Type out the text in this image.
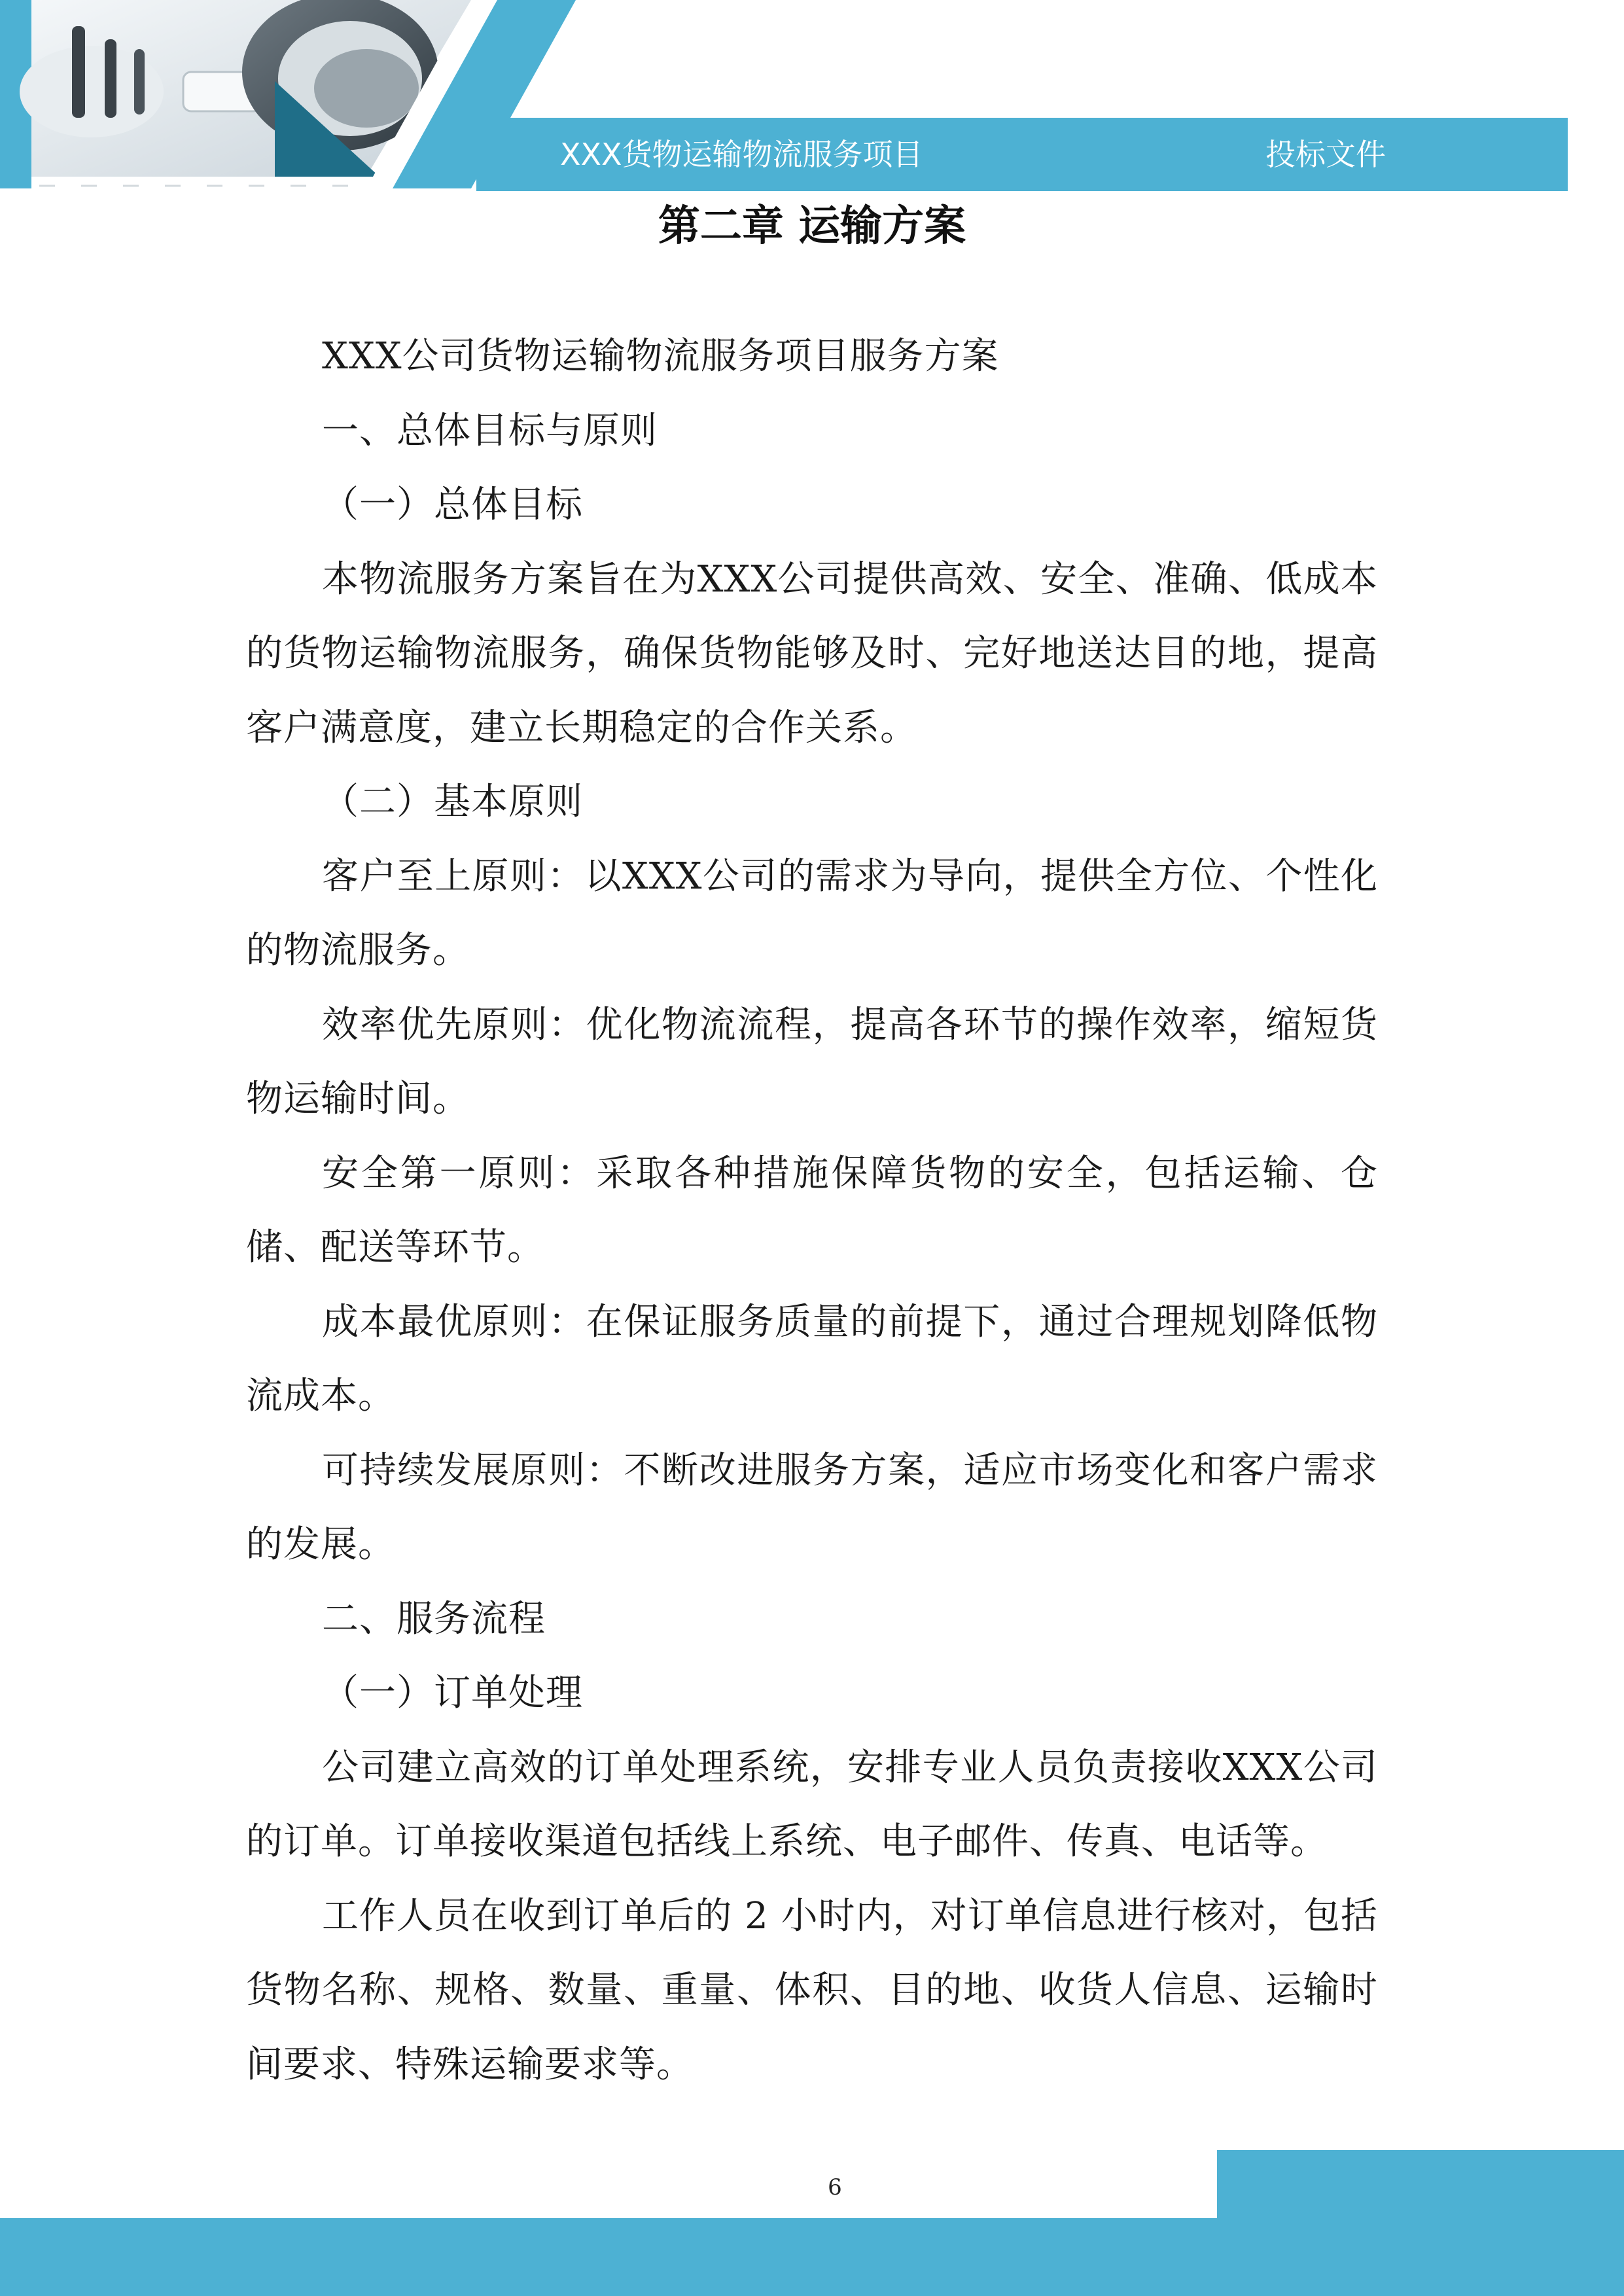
XXX货物运输物流服务项目	投标文件
第二章 运输方案

XXX公司货物运输物流服务项目服务方案

一、总体目标与原则

（一）总体目标

本物流服务方案旨在为XXX公司提供高效、安全、准确、低成本的货物运输物流服务，确保货物能够及时、完好地送达目的地，提高客户满意度，建立长期稳定的合作关系。

（二）基本原则

客户至上原则：以XXX公司的需求为导向，提供全方位、个性化的物流服务。

效率优先原则：优化物流流程，提高各环节的操作效率，缩短货物运输时间。

安全第一原则：采取各种措施保障货物的安全，包括运输、仓储、配送等环节。

成本最优原则：在保证服务质量的前提下，通过合理规划降低物流成本。

可持续发展原则：不断改进服务方案，适应市场变化和客户需求的发展。

二、服务流程

（一）订单处理

公司建立高效的订单处理系统，安排专业人员负责接收XXX公司的订单。订单接收渠道包括线上系统、电子邮件、传真、电话等。

工作人员在收到订单后的 2 小时内，对订单信息进行核对，包括货物名称、规格、数量、重量、体积、目的地、收货人信息、运输时间要求、特殊运输要求等。

6
